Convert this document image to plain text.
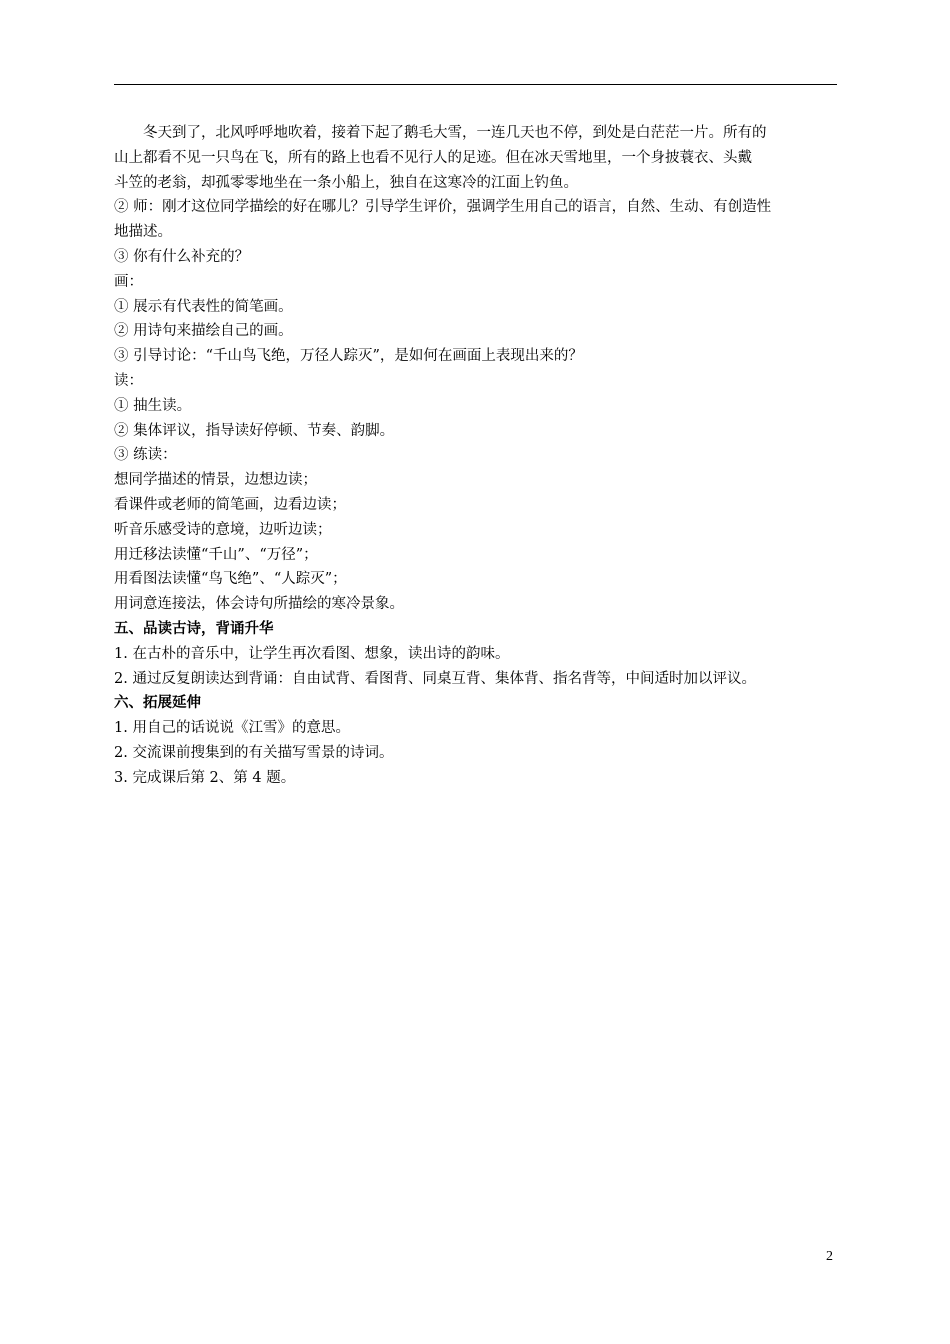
冬天到了，北风呼呼地吹着，接着下起了鹅毛大雪，一连几天也不停，到处是白茫茫一片。所有的

山上都看不见一只鸟在飞，所有的路上也看不见行人的足迹。但在冰天雪地里，一个身披蓑衣、头戴

斗笠的老翁，却孤零零地坐在一条小船上，独自在这寒冷的江面上钓鱼。

② 师：刚才这位同学描绘的好在哪儿？引导学生评价，强调学生用自己的语言，自然、生动、有创造性

地描述。

③ 你有什么补充的？

画：

① 展示有代表性的简笔画。

② 用诗句来描绘自己的画。

③ 引导讨论：“千山鸟飞绝，万径人踪灭”，是如何在画面上表现出来的？

读：

① 抽生读。

② 集体评议，指导读好停顿、节奏、韵脚。

③ 练读：

想同学描述的情景，边想边读；

看课件或老师的简笔画，边看边读；

听音乐感受诗的意境，边听边读；

用迁移法读懂“千山”、“万径”；

用看图法读懂“鸟飞绝”、“人踪灭”；

用词意连接法，体会诗句所描绘的寒冷景象。

五、品读古诗，背诵升华

1. 在古朴的音乐中，让学生再次看图、想象，读出诗的韵味。

2. 通过反复朗读达到背诵：自由试背、看图背、同桌互背、集体背、指名背等，中间适时加以评议。

六、拓展延伸

1. 用自己的话说说《江雪》的意思。

2. 交流课前搜集到的有关描写雪景的诗词。

3. 完成课后第 2、第 4 题。

2
